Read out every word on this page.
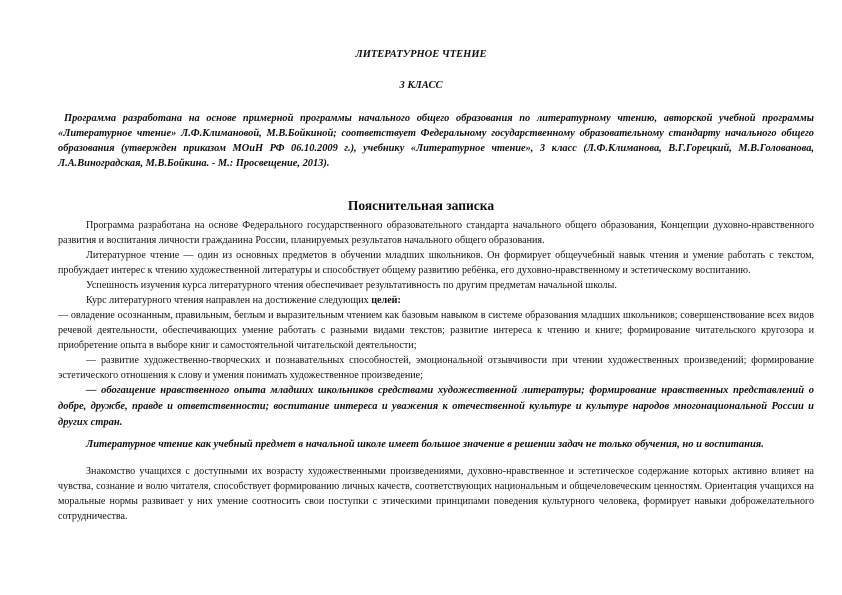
ЛИТЕРАТУРНОЕ ЧТЕНИЕ
3 КЛАСС
Программа разработана на основе примерной программы начального общего образования по литературному чтению, авторской учебной программы «Литературное чтение» Л.Ф.Климановой, М.В.Бойкиной; соответствует Федеральному государственному образовательному стандарту начального общего образования (утвержден приказом МОиН РФ 06.10.2009 г.), учебнику «Литературное чтение», 3 класс (Л.Ф.Климанова, В.Г.Горецкий, М.В.Голованова, Л.А.Виноградская, М.В.Бойкина. - М.: Просвещение, 2013).
Пояснительная записка

Программа разработана на основе Федерального государственного образовательного стандарта начального общего образования, Концепции духовно-нравственного развития и воспитания личности гражданина России, планируемых результатов начального общего образования.

Литературное чтение — один из основных предметов в обучении младших школьников. Он формирует общеучебный навык чтения и умение работать с текстом, пробуждает интерес к чтению художественной литературы и способствует общему развитию ребёнка, его духовно-нравственному и эстетическому воспитанию.

Успешность изучения курса литературного чтения обеспечивает результативность по другим предметам начальной школы.

Курс литературного чтения направлен на достижение следующих целей:

— овладение осознанным, правильным, беглым и выразительным чтением как базовым навыком в системе образования младших школьников; совершенствование всех видов речевой деятельности, обеспечивающих умение работать с разными видами текстов; развитие интереса к чтению и книге; формирование читательского кругозора и приобретение опыта в выборе книг и самостоятельной читательской деятельности;

— развитие художественно-творческих и познавательных способностей, эмоциональной отзывчивости при чтении художественных произведений; формирование эстетического отношения к слову и умения понимать художественное произведение;

— обогащение нравственного опыта младших школьников средствами художественной литературы; формирование нравственных представлений о добре, дружбе, правде и ответственности; воспитание интереса и уважения к отечественной культуре и культуре народов многонациональной России и других стран.

Литературное чтение как учебный предмет в начальной школе имеет большое значение в решении задач не только обучения, но и воспитания.

Знакомство учащихся с доступными их возрасту художественными произведениями, духовно-нравственное и эстетическое содержание которых активно влияет на чувства, сознание и волю читателя, способствует формированию личных качеств, соответствующих национальным и общечеловеческим ценностям. Ориентация учащихся на моральные нормы развивает у них умение соотносить свои поступки с этическими принципами поведения культурного человека, формирует навыки доброжелательного сотрудничества.
